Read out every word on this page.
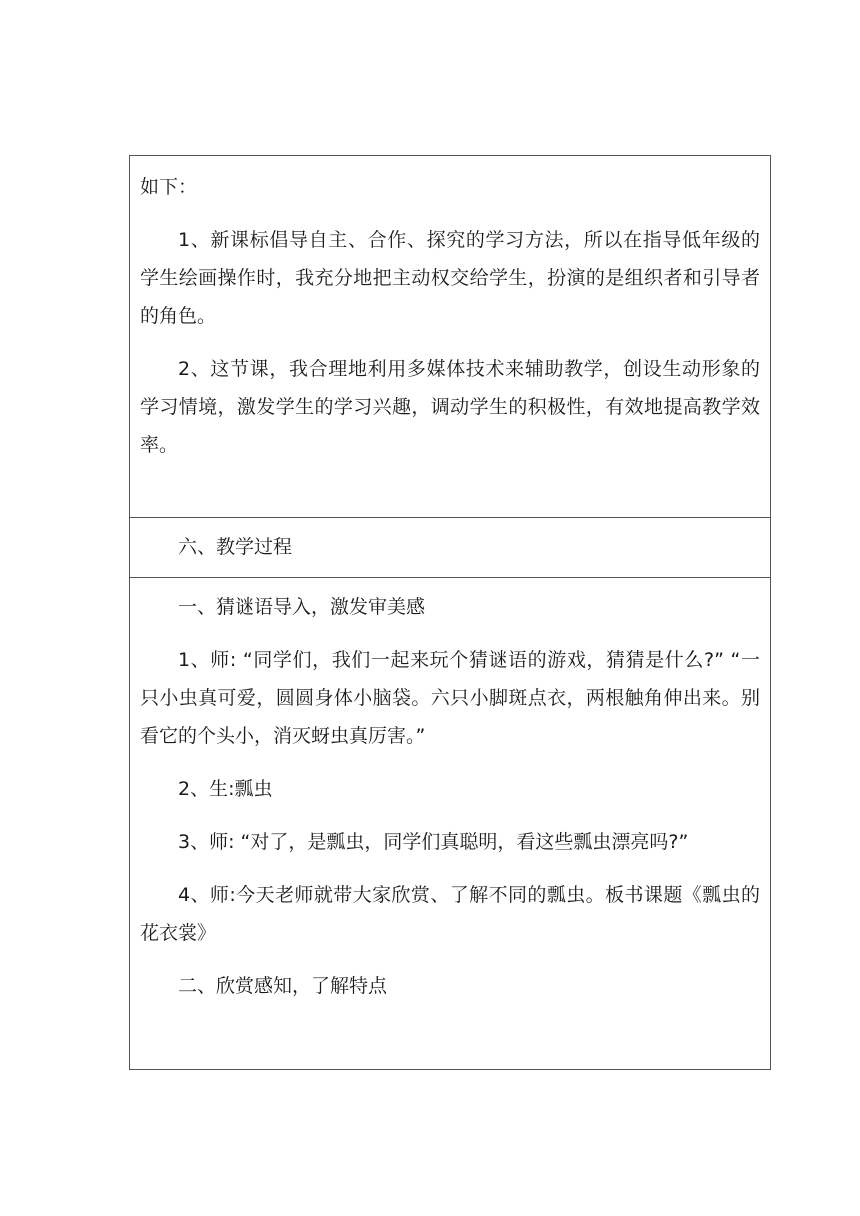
如下：

1、新课标倡导自主、合作、探究的学习方法，所以在指导低年级的学生绘画操作时，我充分地把主动权交给学生，扮演的是组织者和引导者的角色。

2、这节课，我合理地利用多媒体技术来辅助教学，创设生动形象的学习情境，激发学生的学习兴趣，调动学生的积极性，有效地提高教学效率。

六、教学过程

一、猜谜语导入，激发审美感

1、师: “同学们，我们一起来玩个猜谜语的游戏，猜猜是什么?” “一只小虫真可爱，圆圆身体小脑袋。六只小脚斑点衣，两根触角伸出来。别看它的个头小，消灭蚜虫真厉害。”

2、生:瓢虫

3、师: “对了，是瓢虫，同学们真聪明，看这些瓢虫漂亮吗?”

4、师:今天老师就带大家欣赏、了解不同的瓢虫。板书课题《瓢虫的花衣裳》

二、欣赏感知，了解特点
